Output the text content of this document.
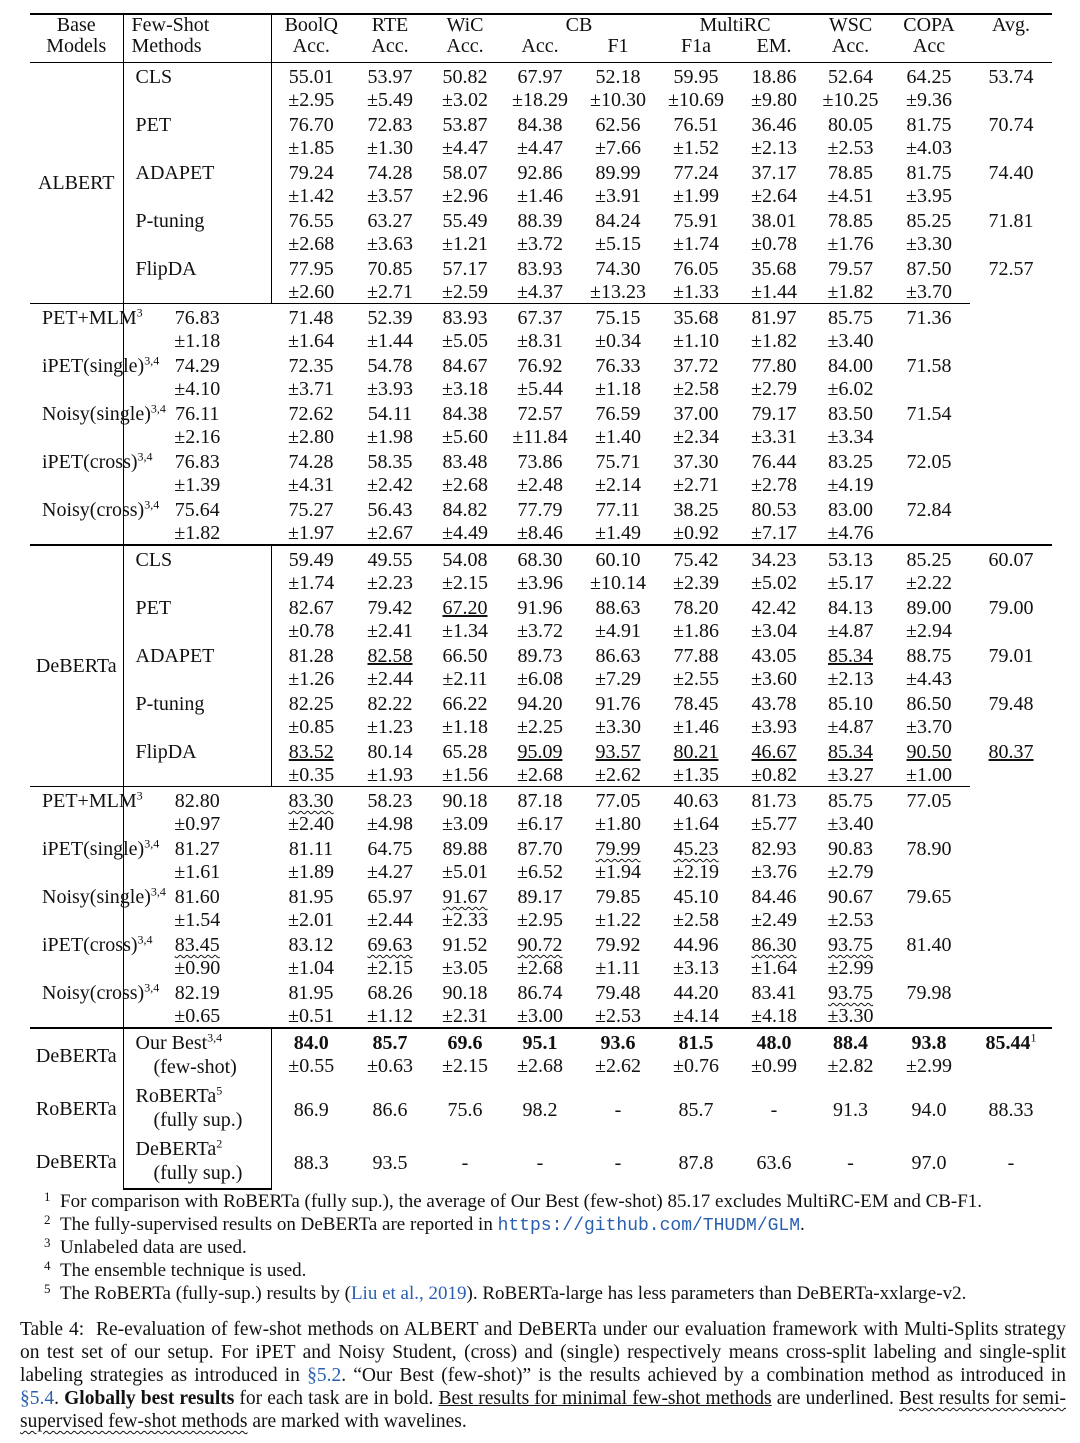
Base	Few-Shot	BoolQ	RTE	WiC	CB		MultiRC		WSC	COPA	Avg.
Models	Methods	Acc.	Acc.	Acc.	Acc.	F1	F1a	EM.	Acc.	Acc	
ALBERT	CLS	55.01	53.97	50.82	67.97	52.18	59.95	18.86	52.64	64.25	53.74
		±2.95	±5.49	±3.02	±18.29	±10.30	±10.69	±9.80	±10.25	±9.36	
	PET	76.70	72.83	53.87	84.38	62.56	76.51	36.46	80.05	81.75	70.74
		±1.85	±1.30	±4.47	±4.47	±7.66	±1.52	±2.13	±2.53	±4.03	
	ADAPET	79.24	74.28	58.07	92.86	89.99	77.24	37.17	78.85	81.75	74.40
		±1.42	±3.57	±2.96	±1.46	±3.91	±1.99	±2.64	±4.51	±3.95	
	P-tuning	76.55	63.27	55.49	88.39	84.24	75.91	38.01	78.85	85.25	71.81
		±2.68	±3.63	±1.21	±3.72	±5.15	±1.74	±0.78	±1.76	±3.30	
	FlipDA	77.95	70.85	57.17	83.93	74.30	76.05	35.68	79.57	87.50	72.57
		±2.60	±2.71	±2.59	±4.37	±13.23	±1.33	±1.44	±1.82	±3.70	
$PET+MLM^3$	76.83	71.48	52.39	83.93	67.37	75.15	35.68	81.97	85.75	71.36	
	±1.18	±1.64	±1.44	±5.05	±8.31	±0.34	±1.10	±1.82	±3.40		
iPET(single)$^{3,4}$	74.29	72.35	54.78	84.67	76.92	76.33	37.72	77.80	84.00	71.58	
	±4.10	±3.71	±3.93	±3.18	±5.44	±1.18	±2.58	±2.79	±6.02		
Noisy(single)$^{3,4}$	76.11	72.62	54.11	84.38	72.57	76.59	37.00	79.17	83.50	71.54	
	±2.16	±2.80	±1.98	±5.60	±11.84	±1.40	±2.34	±3.31	±3.34		
iPET(cross)$^{3,4}$	76.83	74.28	58.35	83.48	73.86	75.71	37.30	76.44	83.25	72.05	
	±1.39	±4.31	±2.42	±2.68	±2.48	±2.14	±2.71	±2.78	±4.19		
Noisy(cross)$^{3,4}$	75.64	75.27	56.43	84.82	77.79	77.11	38.25	80.53	83.00	72.84	
	±1.82	±1.97	±2.67	±4.49	±8.46	±1.49	±0.92	±7.17	±4.76		
DeBERTa	CLS	59.49	49.55	54.08	68.30	60.10	75.42	34.23	53.13	85.25	60.07
		±1.74	±2.23	±2.15	±3.96	±10.14	±2.39	±5.02	±5.17	±2.22	
	PET	82.67	79.42	67.20	91.96	88.63	78.20	42.42	84.13	89.00	79.00
		±0.78	±2.41	±1.34	±3.72	±4.91	±1.86	±3.04	±4.87	±2.94	
	ADAPET	81.28	82.58	66.50	89.73	86.63	77.88	43.05	85.34	88.75	79.01
		±1.26	±2.44	±2.11	±6.08	±7.29	±2.55	±3.60	±2.13	±4.43	
	P-tuning	82.25	82.22	66.22	94.20	91.76	78.45	43.78	85.10	86.50	79.48
		±0.85	±1.23	±1.18	±2.25	±3.30	±1.46	±3.93	±4.87	±3.70	
	FlipDA	83.52	80.14	65.28	95.09	93.57	80.21	46.67	85.34	90.50	80.37
		±0.35	±1.93	±1.56	±2.68	±2.62	±1.35	±0.82	±3.27	±1.00	
$PET+MLM^3$	82.80	83.30	58.23	90.18	87.18	77.05	40.63	81.73	85.75	77.05	
	±0.97	±2.40	±4.98	±3.09	±6.17	±1.80	±1.64	±5.77	±3.40		
iPET(single)$^{3,4}$	81.27	81.11	64.75	89.88	87.70	79.99	45.23	82.93	90.83	78.90	
	±1.61	±1.89	±4.27	±5.01	±6.52	±1.94	±2.19	±3.76	±2.79		
Noisy(single)$^{3,4}$	81.60	81.95	65.97	91.67	89.17	79.85	45.10	84.46	90.67	79.65	
	±1.54	±2.01	±2.44	±2.33	±2.95	±1.22	±2.58	±2.49	±2.53		
iPET(cross)$^{3,4}$	83.45	83.12	69.63	91.52	90.72	79.92	44.96	86.30	93.75	81.40	
	±0.90	±1.04	±2.15	±3.05	±2.68	±1.11	±3.13	±1.64	±2.99		
Noisy(cross)$^{3,4}$	82.19	81.95	68.26	90.18	86.74	79.48	44.20	83.41	93.75	79.98	
	±0.65	±0.51	±1.12	±2.31	±3.00	±2.53	±4.14	±4.18	±3.30		
DeBERTa	Our Best$^{3,4}$	84.0	85.7	69.6	95.1	93.6	81.5	48.0	88.4	93.8	85.44$^1$
	(few-shot)	±0.55	±0.63	±2.15	±2.68	±2.62	±0.76	±0.99	±2.82	±2.99	
RoBERTa	RoBERTa$^5$	86.9	86.6	75.6	98.2	-	85.7	-	91.3	94.0	88.33
	(fully sup.)										
DeBERTa	DeBERTa$^2$	88.3	93.5	-	-	-	87.8	63.6	-	97.0	-
	(fully sup.)										
1 For comparison with RoBERTa (fully sup.), the average of Our Best (few-shot) 85.17 excludes MultiRC-EM and CB-F1.
2 The fully-supervised results on DeBERTa are reported in https://github.com/THUDM/GLM.
3 Unlabeled data are used.
4 The ensemble technique is used.
5 The RoBERTa (fully-sup.) results by (Liu et al., 2019). RoBERTa-large has less parameters than DeBERTa-xxlarge-v2.
Table 4: Re-evaluation of few-shot methods on ALBERT and DeBERTa under our evaluation framework with Multi-Splits strategy on test set of our setup. For iPET and Noisy Student, (cross) and (single) respectively means cross-split labeling and single-split labeling strategies as introduced in §5.2. “Our Best (few-shot)” is the results achieved by a combination method as introduced in §5.4. Globally best results for each task are in bold. Best results for minimal few-shot methods are underlined. Best results for semi-supervised few-shot methods are marked with wavelines.
